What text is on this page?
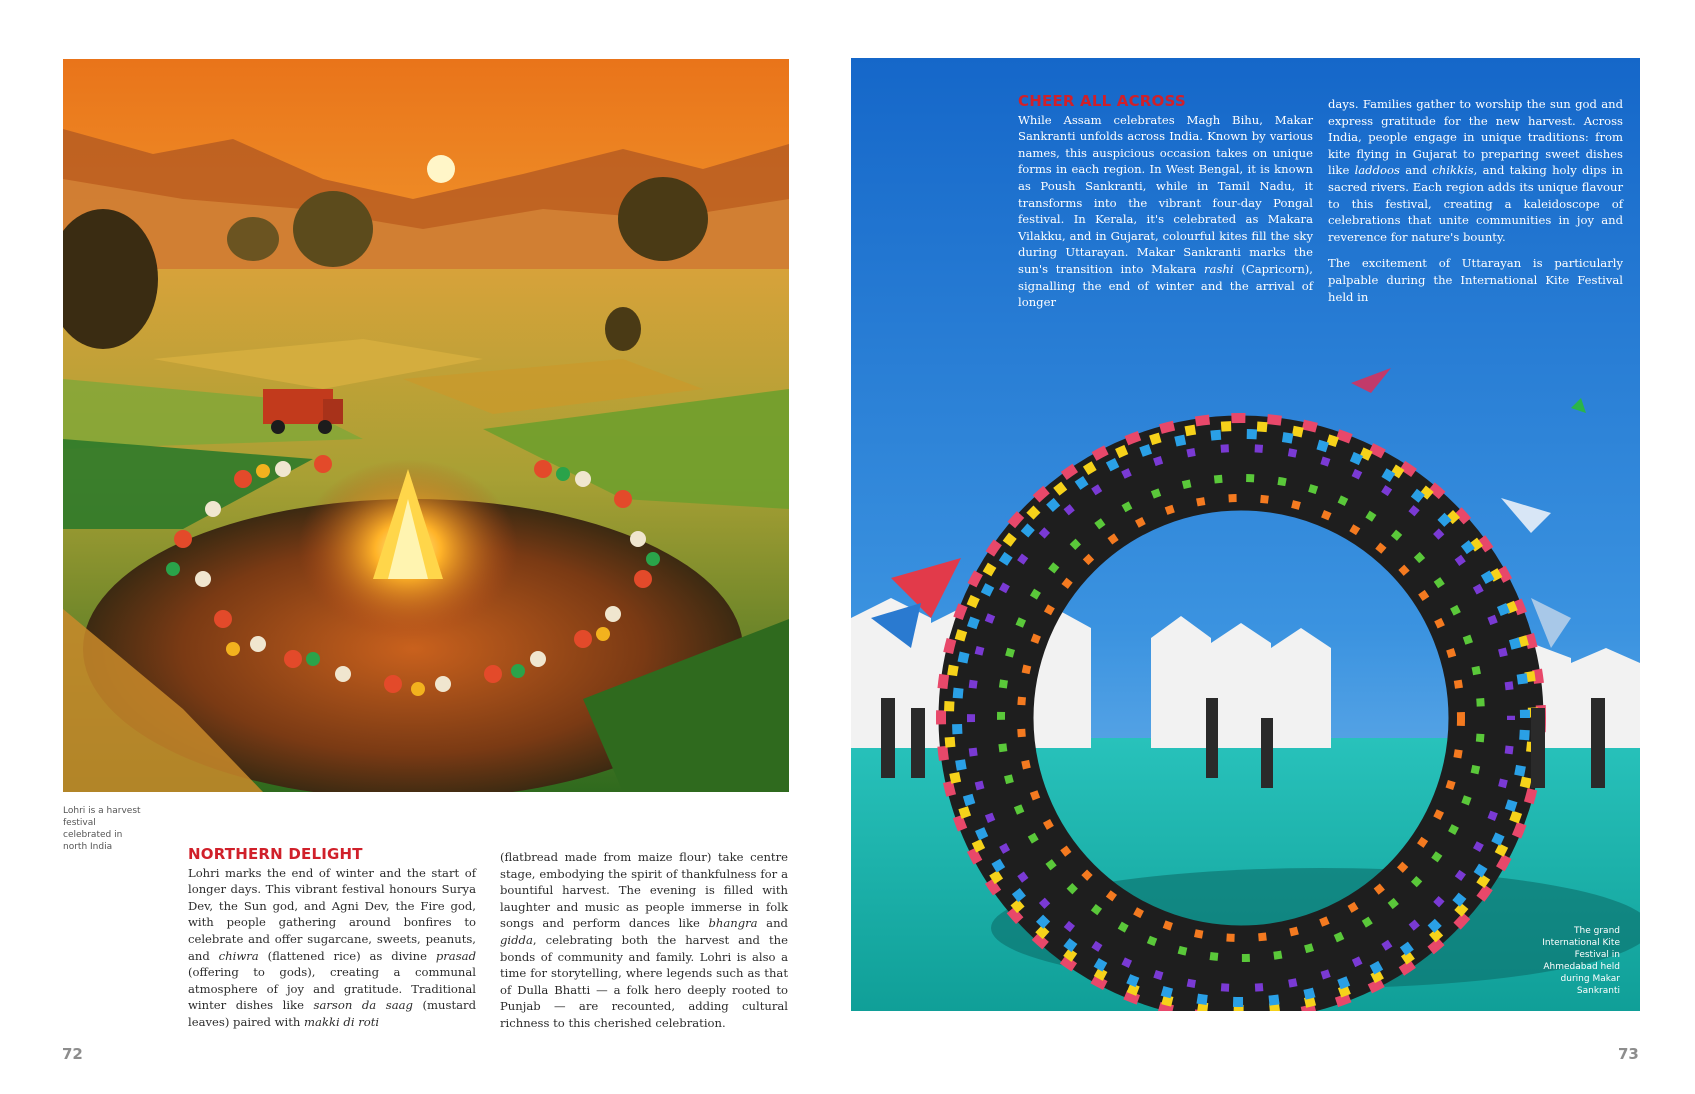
Lohri is a harvest festival celebrated in north India	NORTHERN DELIGHT

Lohri marks the end of winter and the start of longer days. This vibrant festival honours Surya Dev, the Sun god, and Agni Dev, the Fire god, with people gathering around bonfires to celebrate and offer sugarcane, sweets, peanuts, and chiwra (flattened rice) as divine prasad (offering to gods), creating a communal atmosphere of joy and gratitude. Traditional winter dishes like sarson da saag (mustard leaves) paired with makki di roti

(flatbread made from maize flour) take centre stage, embodying the spirit of thankfulness for a bountiful harvest. The evening is filled with laughter and music as people immerse in folk songs and perform dances like bhangra and gidda, celebrating both the harvest and the bonds of community and family. Lohri is also a time for storytelling, where legends such as that of Dulla Bhatti — a folk hero deeply rooted to Punjab — are recounted, adding cultural richness to this cherished celebration.

72
CHEER ALL ACROSS

While Assam celebrates Magh Bihu, Makar Sankranti unfolds across India. Known by various names, this auspicious occasion takes on unique forms in each region. In West Bengal, it is known as Poush Sankranti, while in Tamil Nadu, it transforms into the vibrant four-day Pongal festival. In Kerala, it's celebrated as Makara Vilakku, and in Gujarat, colourful kites fill the sky during Uttarayan. Makar Sankranti marks the sun's transition into Makara rashi (Capricorn), signalling the end of winter and the arrival of longer

days. Families gather to worship the sun god and express gratitude for the new harvest. Across India, people engage in unique traditions: from kite flying in Gujarat to preparing sweet dishes like laddoos and chikkis, and taking holy dips in sacred rivers. Each region adds its unique flavour to this festival, creating a kaleidoscope of celebrations that unite communities in joy and reverence for nature's bounty.

The excitement of Uttarayan is particularly palpable during the International Kite Festival held in

The grand International Kite Festival in Ahmedabad held during Makar Sankranti
73
